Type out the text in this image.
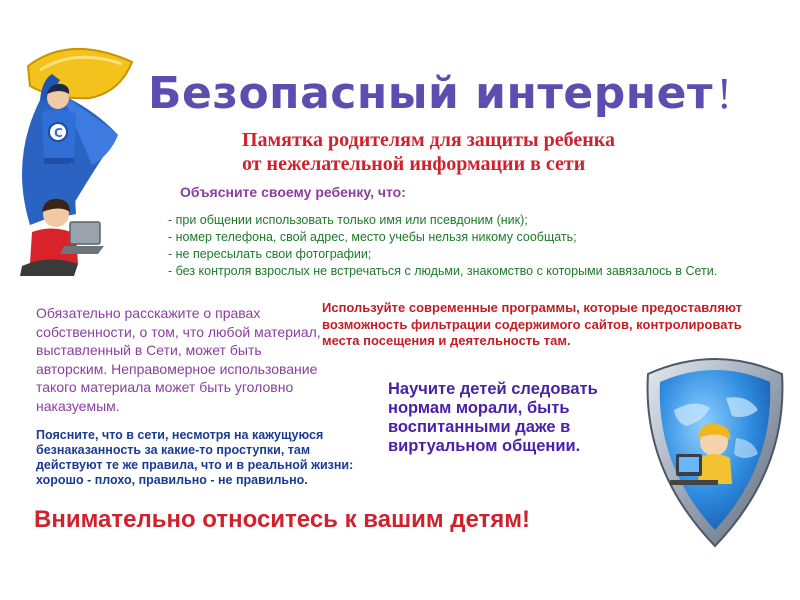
C
Безопасный интернет!
Памятка родителям для защиты ребенка
от нежелательной информации в сети
Объясните своему ребенку, что:
- при общении использовать только имя или псевдоним (ник);
- номер телефона, свой адрес, место учебы нельзя никому сообщать;
- не пересылать свои фотографии;
- без контроля взрослых не встречаться с людьми, знакомство с которыми завязалось в Сети.
Обязательно расскажите о правах собственности, о том, что любой материал, выставленный в Сети, может быть авторским. Неправомерное использование такого материала может быть уголовно наказуемым.
Используйте современные программы, которые предоставляют возможность фильтрации содержимого сайтов, контролировать места посещения и деятельность там.
Научите детей следовать нормам морали, быть воспитанными даже в виртуальном общении.
Поясните, что в сети, несмотря на кажущуюся безнаказанность за какие-то проступки, там действуют те же правила, что и в реальной жизни: хорошо - плохо, правильно - не правильно.
Внимательно относитесь к вашим детям!
